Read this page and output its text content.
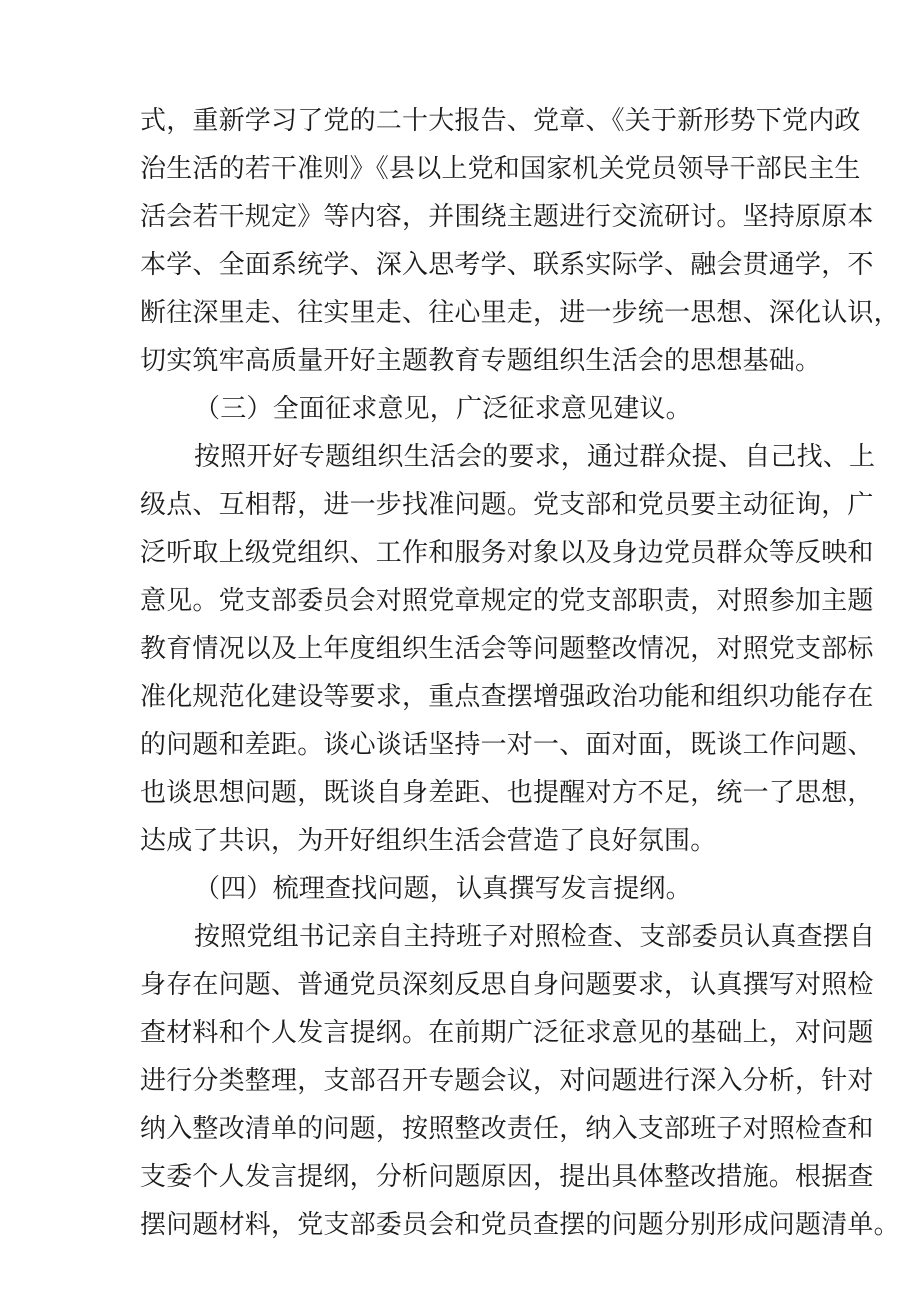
式，重新学习了党的二十大报告、党章、《关于新形势下党内政
治生活的若干准则》《县以上党和国家机关党员领导干部民主生
活会若干规定》等内容，并围绕主题进行交流研讨。坚持原原本
本学、全面系统学、深入思考学、联系实际学、融会贯通学，不
断往深里走、往实里走、往心里走，进一步统一思想、深化认识，
切实筑牢高质量开好主题教育专题组织生活会的思想基础。
（三）全面征求意见，广泛征求意见建议。
按照开好专题组织生活会的要求，通过群众提、自己找、上
级点、互相帮，进一步找准问题。党支部和党员要主动征询，广
泛听取上级党组织、工作和服务对象以及身边党员群众等反映和
意见。党支部委员会对照党章规定的党支部职责，对照参加主题
教育情况以及上年度组织生活会等问题整改情况，对照党支部标
准化规范化建设等要求，重点查摆增强政治功能和组织功能存在
的问题和差距。谈心谈话坚持一对一、面对面，既谈工作问题、
也谈思想问题，既谈自身差距、也提醒对方不足，统一了思想，
达成了共识，为开好组织生活会营造了良好氛围。
（四）梳理查找问题，认真撰写发言提纲。
按照党组书记亲自主持班子对照检查、支部委员认真查摆自
身存在问题、普通党员深刻反思自身问题要求，认真撰写对照检
查材料和个人发言提纲。在前期广泛征求意见的基础上，对问题
进行分类整理，支部召开专题会议，对问题进行深入分析，针对
纳入整改清单的问题，按照整改责任，纳入支部班子对照检查和
支委个人发言提纲，分析问题原因，提出具体整改措施。根据查
摆问题材料，党支部委员会和党员查摆的问题分别形成问题清单。
